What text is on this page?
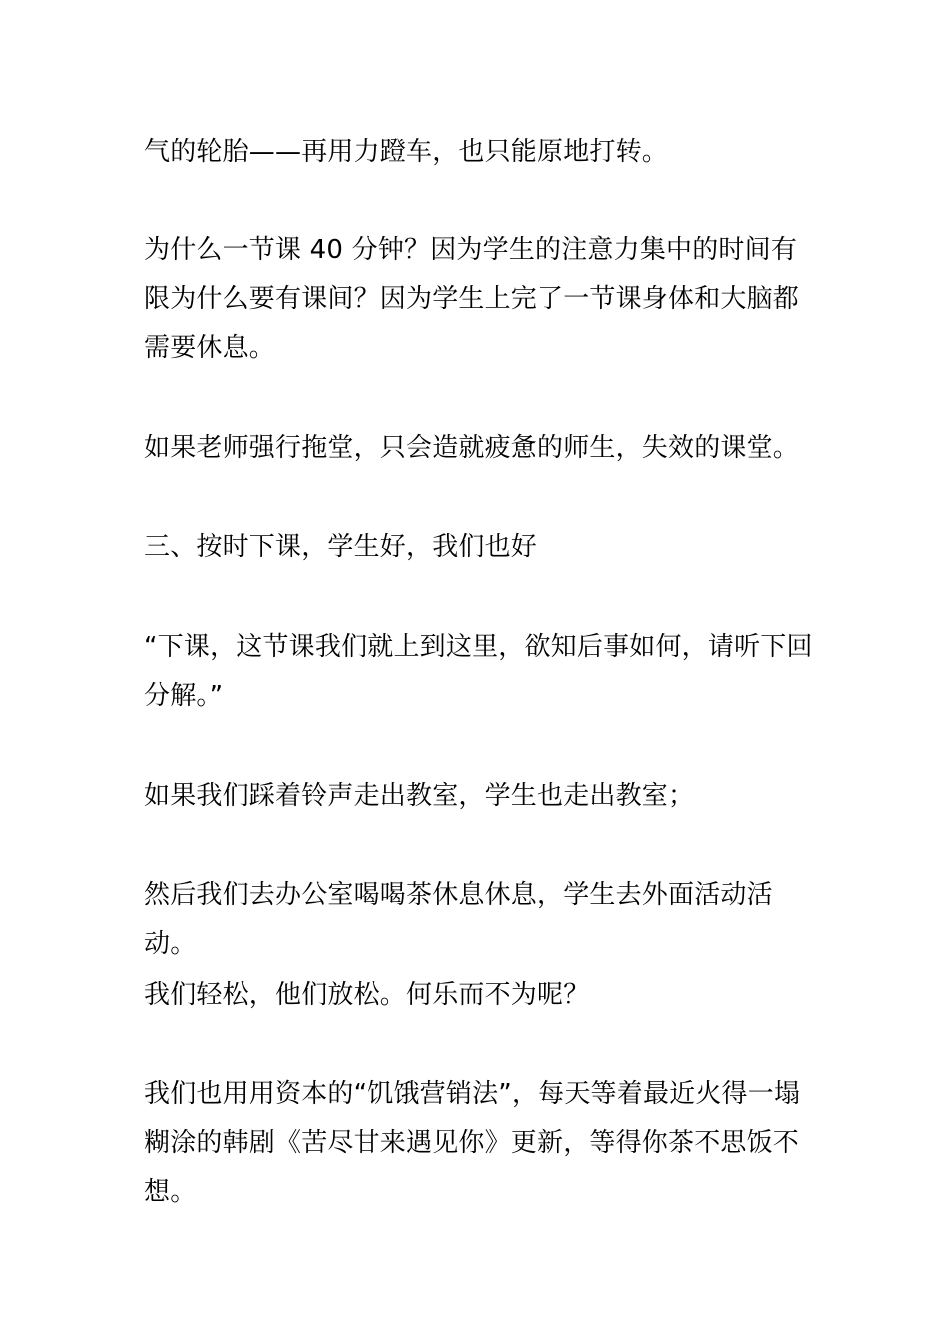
气的轮胎——再用力蹬车，也只能原地打转。

为什么一节课 40 分钟？因为学生的注意力集中的时间有限为什么要有课间？因为学生上完了一节课身体和大脑都需要休息。

如果老师强行拖堂，只会造就疲惫的师生，失效的课堂。

三、按时下课，学生好，我们也好

“下课，这节课我们就上到这里，欲知后事如何，请听下回分解。”

如果我们踩着铃声走出教室，学生也走出教室；

然后我们去办公室喝喝茶休息休息，学生去外面活动活动。

我们轻松，他们放松。何乐而不为呢？

我们也用用资本的“饥饿营销法”，每天等着最近火得一塌糊涂的韩剧《苦尽甘来遇见你》更新，等得你茶不思饭不想。
